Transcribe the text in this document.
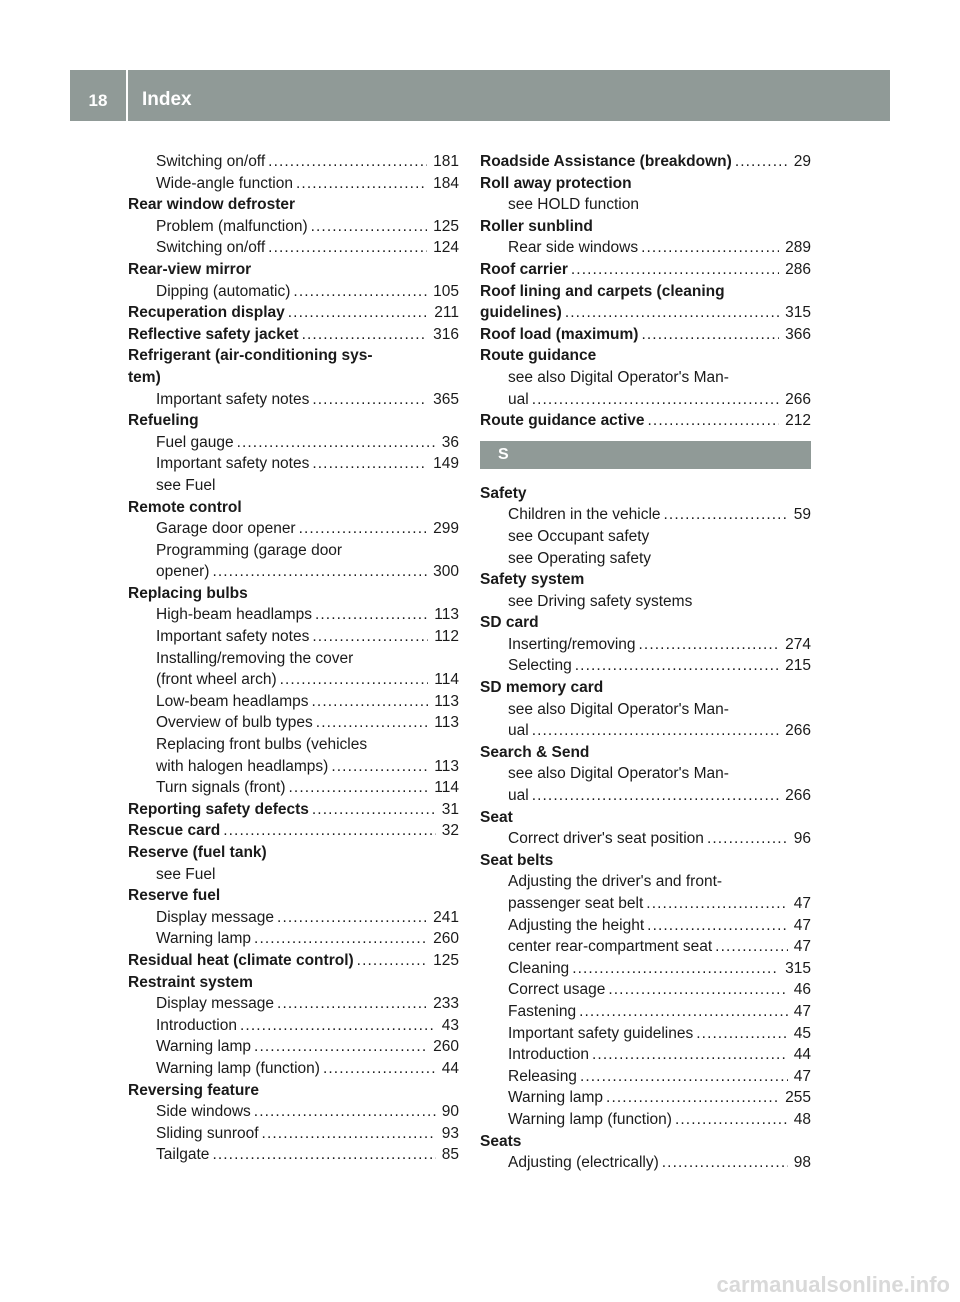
18	Index
Switching on/off . . .	181
Wide-angle function . . .	184
Rear window defroster
Problem (malfunction) . . .	125
Switching on/off . . .	124
Rear-view mirror
Dipping (automatic) . . .	105
Recuperation display . . .	211
Reflective safety jacket . . .	316
Refrigerant (air-conditioning sys-
tem)
Important safety notes . . .	365
Refueling
Fuel gauge . . .	36
Important safety notes . . .	149
see Fuel
Remote control
Garage door opener . . .	299
Programming (garage door
opener) . . .	300
Replacing bulbs
High-beam headlamps . . .	113
Important safety notes . . .	112
Installing/removing the cover
(front wheel arch) . . .	114
Low-beam headlamps . . .	113
Overview of bulb types . . .	113
Replacing front bulbs (vehicles
with halogen headlamps) . . .	113
Turn signals (front) . . .	114
Reporting safety defects . . .	31
Rescue card . . .	32
Reserve (fuel tank)
see Fuel
Reserve fuel
Display message . . .	241
Warning lamp . . .	260
Residual heat (climate control) . . .	125
Restraint system
Display message . . .	233
Introduction . . .	43
Warning lamp . . .	260
Warning lamp (function) . . .	44
Reversing feature
Side windows . . .	90
Sliding sunroof . . .	93
Tailgate . . .	85
Roadside Assistance (breakdown) . . .	29
Roll away protection
see HOLD function
Roller sunblind
Rear side windows . . .	289
Roof carrier . . .	286
Roof lining and carpets (cleaning
guidelines) . . .	315
Roof load (maximum) . . .	366
Route guidance
see also Digital Operator's Man-
ual . . .	266
Route guidance active . . .	212
S
Safety
Children in the vehicle . . .	59
see Occupant safety
see Operating safety
Safety system
see Driving safety systems
SD card
Inserting/removing . . .	274
Selecting . . .	215
SD memory card
see also Digital Operator's Man-
ual . . .	266
Search & Send
see also Digital Operator's Man-
ual . . .	266
Seat
Correct driver's seat position . . .	96
Seat belts
Adjusting the driver's and front-
passenger seat belt . . .	47
Adjusting the height . . .	47
center rear-compartment seat . . .	47
Cleaning . . .	315
Correct usage . . .	46
Fastening . . .	47
Important safety guidelines . . .	45
Introduction . . .	44
Releasing . . .	47
Warning lamp . . .	255
Warning lamp (function) . . .	48
Seats
Adjusting (electrically) . . .	98
carmanualsonline.info
